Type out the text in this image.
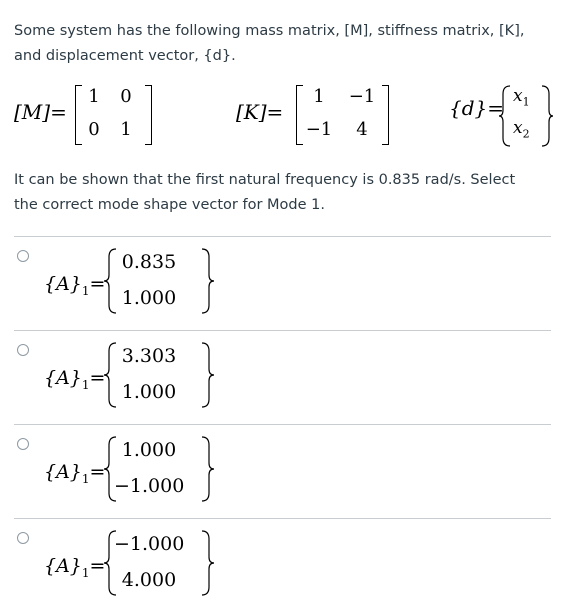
Some system has the following mass matrix, [M], stiffness matrix, [K], and displacement vector, {d}.
[M]=
1	0
0	1
[K]=
1	−1
−1	4
$\{d\}= x_1$
$x_2$
It can be shown that the first natural frequency is 0.835 rad/s. Select the correct mode shape vector for Mode 1.
$\{A\}_1=$
0.835
1.000
$\{A\}_1=$
3.303
1.000
$\{A\}_1=$
1.000
−1.000
$\{A\}_1=$
−1.000
4.000
